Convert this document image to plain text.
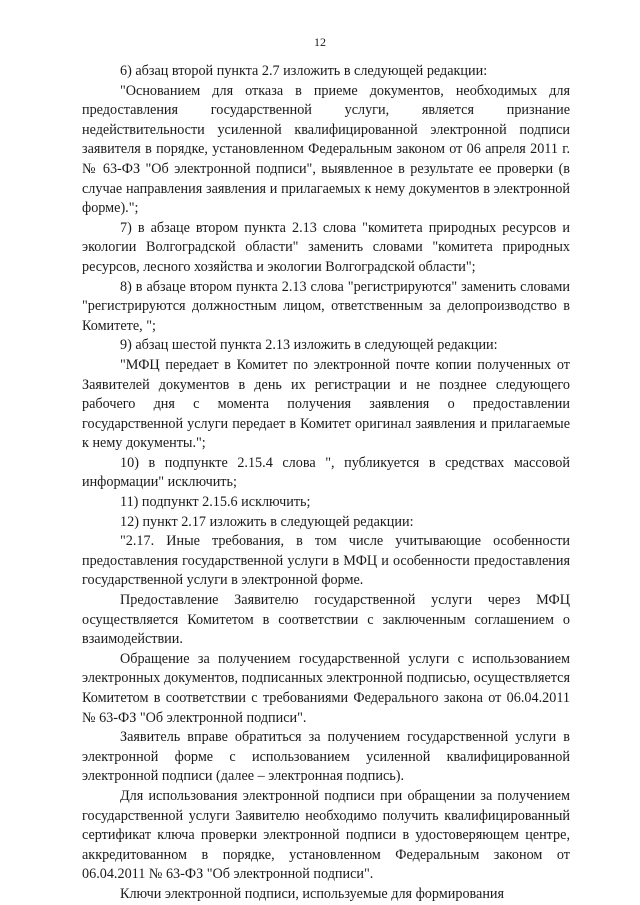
12

6) абзац второй пункта 2.7 изложить в следующей редакции:

"Основанием для отказа в приеме документов, необходимых для предоставления государственной услуги, является признание недействительности усиленной квалифицированной электронной подписи заявителя в порядке, установленном Федеральным законом от 06 апреля 2011 г. № 63-ФЗ "Об электронной подписи", выявленное в результате ее проверки (в случае направления заявления и прилагаемых к нему документов в электронной форме).";

7) в абзаце втором пункта 2.13 слова "комитета природных ресурсов и экологии Волгоградской области" заменить словами "комитета природных ресурсов, лесного хозяйства и экологии Волгоградской области";

8) в абзаце втором пункта 2.13 слова "регистрируются" заменить словами "регистрируются должностным лицом, ответственным за делопроизводство в Комитете, ";

9) абзац шестой пункта 2.13 изложить в следующей редакции:

"МФЦ передает в Комитет по электронной почте копии полученных от Заявителей документов в день их регистрации и не позднее следующего рабочего дня с момента получения заявления о предоставлении государственной услуги передает в Комитет оригинал заявления и прилагаемые к нему документы.";

10) в подпункте 2.15.4 слова ", публикуется в средствах массовой информации" исключить;

11) подпункт 2.15.6 исключить;

12) пункт 2.17 изложить в следующей редакции:

"2.17. Иные требования, в том числе учитывающие особенности предоставления государственной услуги в МФЦ и особенности предоставления государственной услуги в электронной форме.

Предоставление Заявителю государственной услуги через МФЦ осуществляется Комитетом в соответствии с заключенным соглашением о взаимодействии.

Обращение за получением государственной услуги с использованием электронных документов, подписанных электронной подписью, осуществляется Комитетом в соответствии с требованиями Федерального закона от 06.04.2011 № 63-ФЗ "Об электронной подписи".

Заявитель вправе обратиться за получением государственной услуги в электронной форме с использованием усиленной квалифицированной электронной подписи (далее – электронная подпись).

Для использования электронной подписи при обращении за получением государственной услуги Заявителю необходимо получить квалифицированный сертификат ключа проверки электронной подписи в удостоверяющем центре, аккредитованном в порядке, установленном Федеральным законом от 06.04.2011 № 63-ФЗ "Об электронной подписи".

Ключи электронной подписи, используемые для формирования
